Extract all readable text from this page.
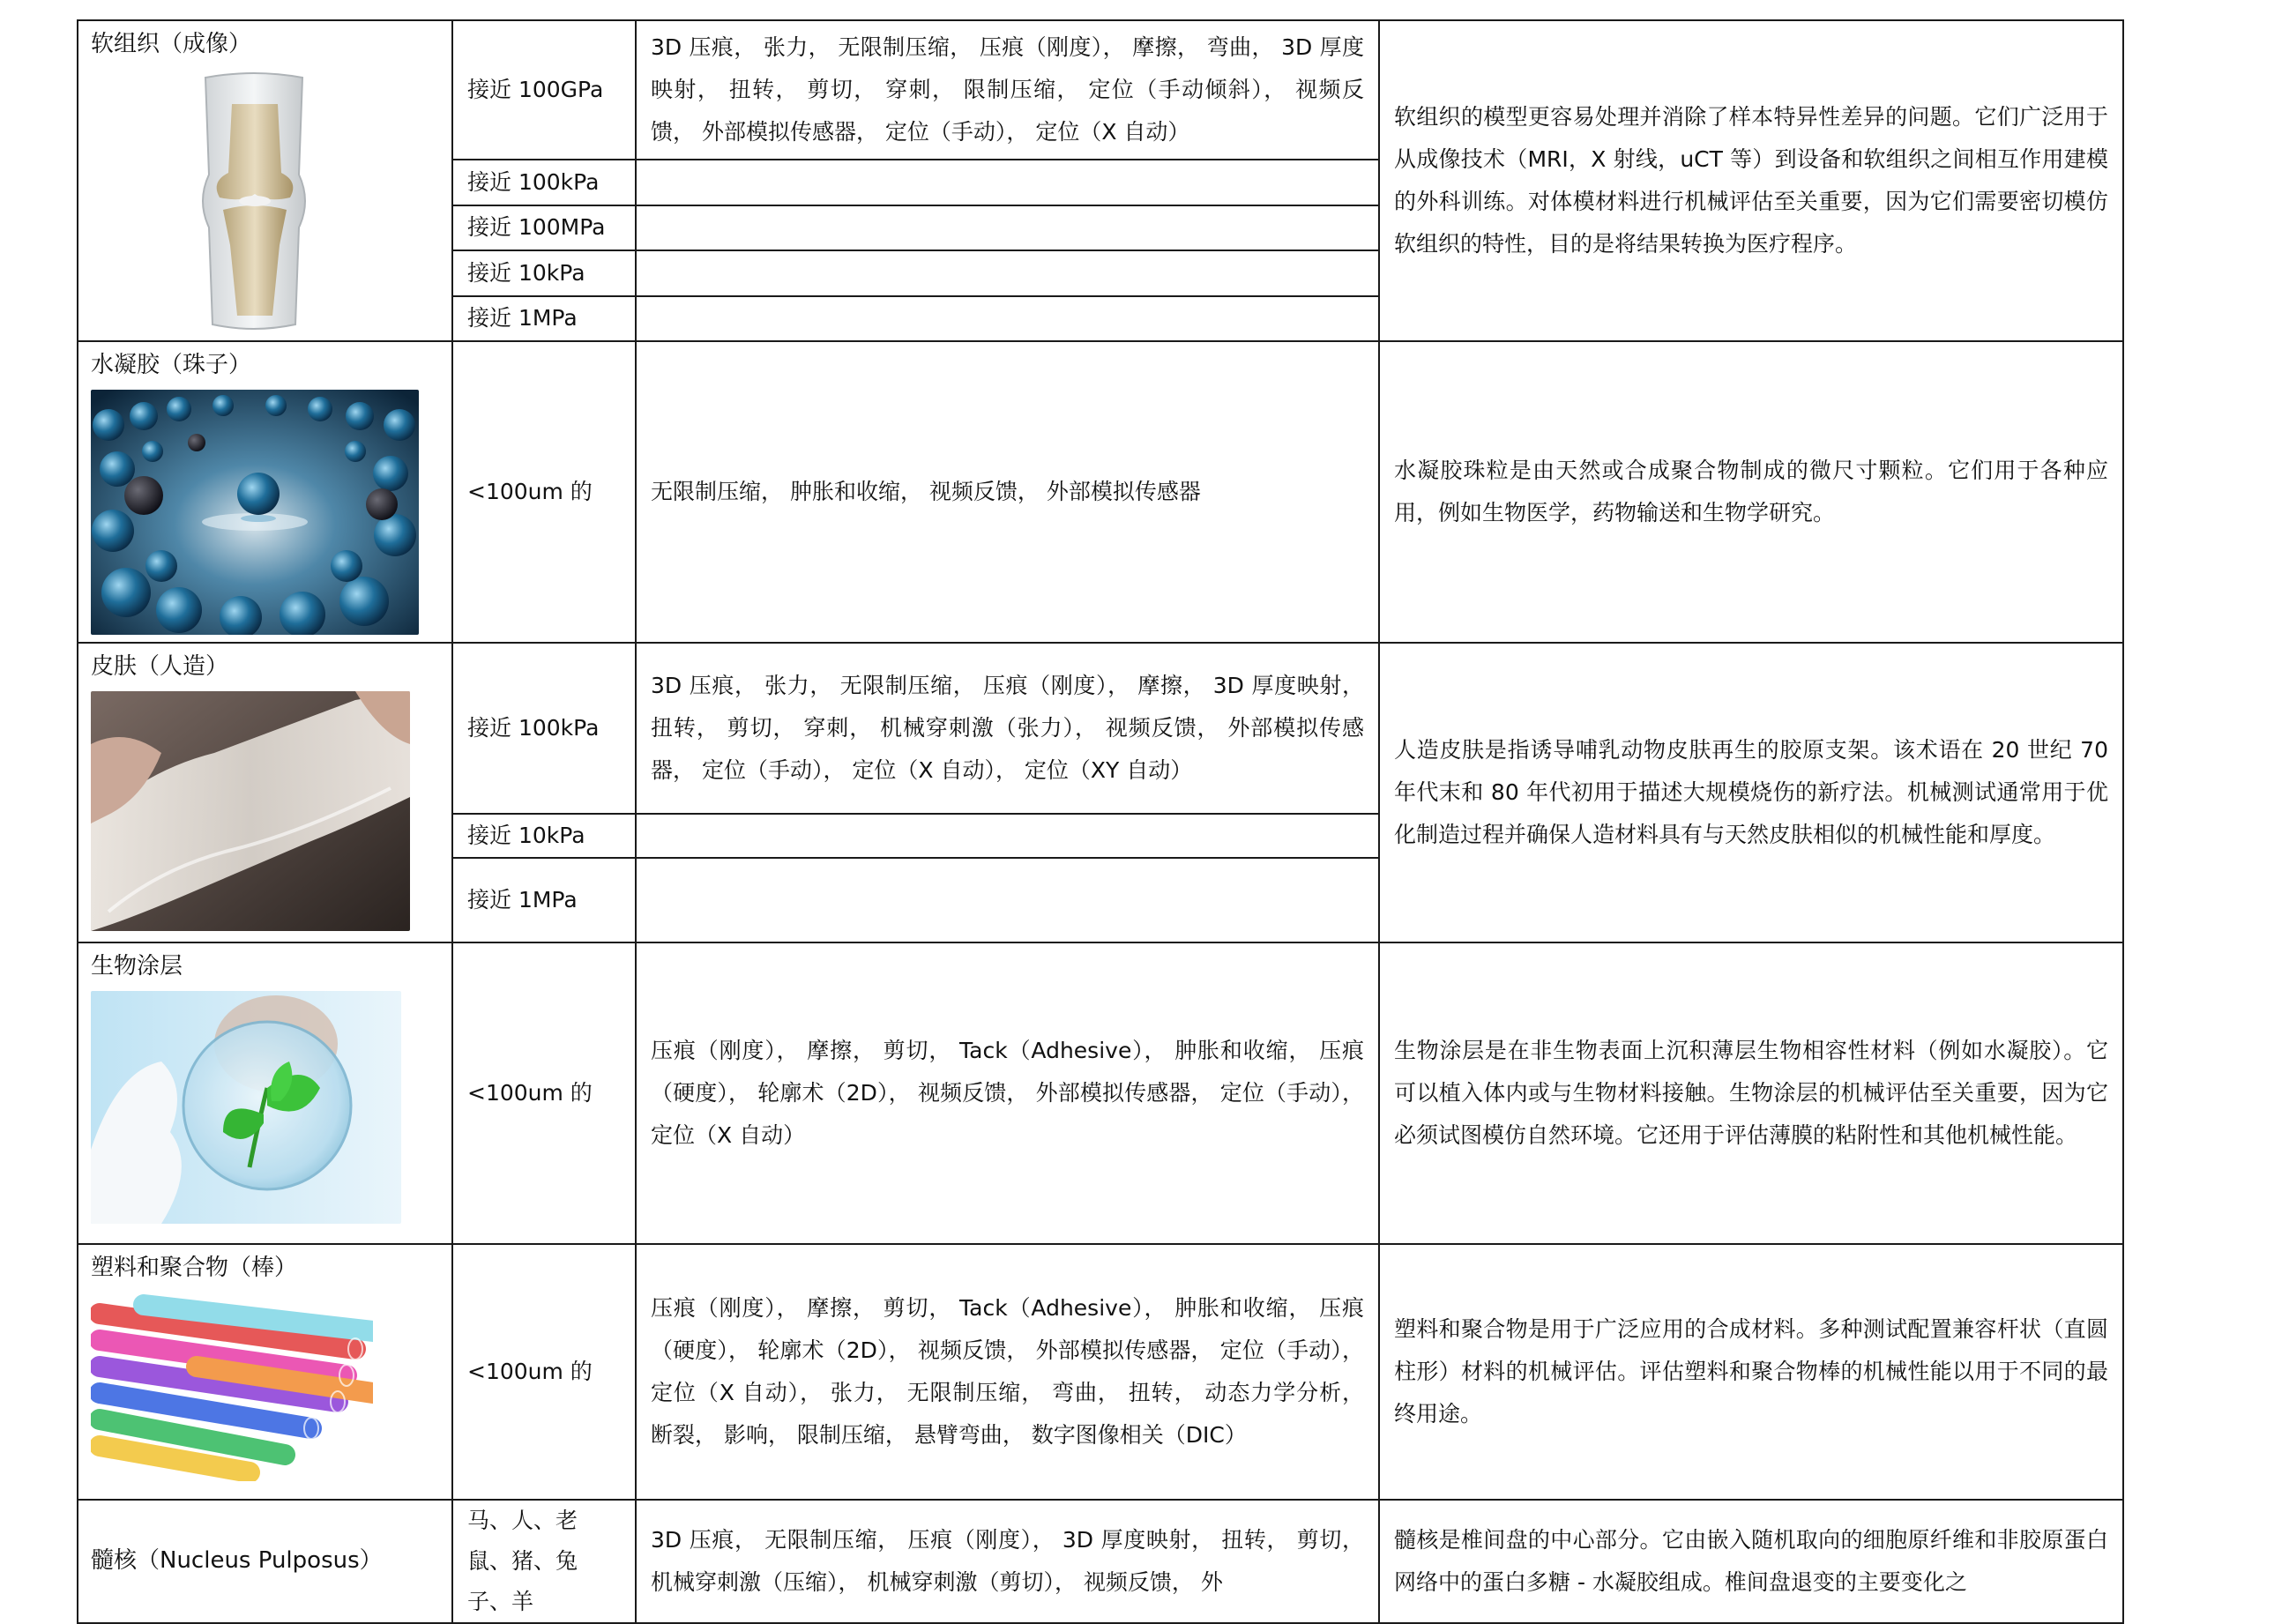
软组织（成像）	接近 100GPa	3D 压痕， 张力， 无限制压缩， 压痕（刚度）， 摩擦， 弯曲， 3D 厚度映射， 扭转， 剪切， 穿刺， 限制压缩， 定位（手动倾斜）， 视频反馈， 外部模拟传感器， 定位（手动）， 定位（X 自动）	软组织的模型更容易处理并消除了样本特异性差异的问题。它们广泛用于从成像技术（MRI，X 射线，uCT 等）到设备和软组织之间相互作用建模的外科训练。对体模材料进行机械评估至关重要，因为它们需要密切模仿软组织的特性，目的是将结果转换为医疗程序。
	接近 100kPa		
	接近 100MPa		
	接近 10kPa		
	接近 1MPa		

水凝胶（珠子）	<100um 的	无限制压缩， 肿胀和收缩， 视频反馈， 外部模拟传感器	水凝胶珠粒是由天然或合成聚合物制成的微尺寸颗粒。它们用于各种应用，例如生物医学，药物输送和生物学研究。

皮肤（人造）	接近 100kPa	3D 压痕， 张力， 无限制压缩， 压痕（刚度）， 摩擦， 3D 厚度映射， 扭转， 剪切， 穿刺， 机械穿刺激（张力）， 视频反馈， 外部模拟传感器， 定位（手动）， 定位（X 自动）， 定位（XY 自动）	人造皮肤是指诱导哺乳动物皮肤再生的胶原支架。该术语在 20 世纪 70 年代末和 80 年代初用于描述大规模烧伤的新疗法。机械测试通常用于优化制造过程并确保人造材料具有与天然皮肤相似的机械性能和厚度。
	接近 10kPa		
	接近 1MPa		

生物涂层	<100um 的	压痕（刚度）， 摩擦， 剪切， Tack（Adhesive）， 肿胀和收缩， 压痕（硬度）， 轮廓术（2D）， 视频反馈， 外部模拟传感器， 定位（手动）， 定位（X 自动）	生物涂层是在非生物表面上沉积薄层生物相容性材料（例如水凝胶）。它可以植入体内或与生物材料接触。生物涂层的机械评估至关重要，因为它必须试图模仿自然环境。它还用于评估薄膜的粘附性和其他机械性能。

塑料和聚合物（棒）	<100um 的	压痕（刚度）， 摩擦， 剪切， Tack（Adhesive）， 肿胀和收缩， 压痕（硬度）， 轮廓术（2D）， 视频反馈， 外部模拟传感器， 定位（手动）， 定位（X 自动）， 张力， 无限制压缩， 弯曲， 扭转， 动态力学分析， 断裂， 影响， 限制压缩， 悬臂弯曲， 数字图像相关（DIC）	塑料和聚合物是用于广泛应用的合成材料。多种测试配置兼容杆状（直圆柱形）材料的机械评估。评估塑料和聚合物棒的机械性能以用于不同的最终用途。

髓核（Nucleus Pulposus）	马、人、老鼠、猪、兔子、羊	3D 压痕， 无限制压缩， 压痕（刚度）， 3D 厚度映射， 扭转， 剪切， 机械穿刺激（压缩）， 机械穿刺激（剪切）， 视频反馈， 外	髓核是椎间盘的中心部分。它由嵌入随机取向的细胞原纤维和非胶原蛋白网络中的蛋白多糖 - 水凝胶组成。椎间盘退变的主要变化之
